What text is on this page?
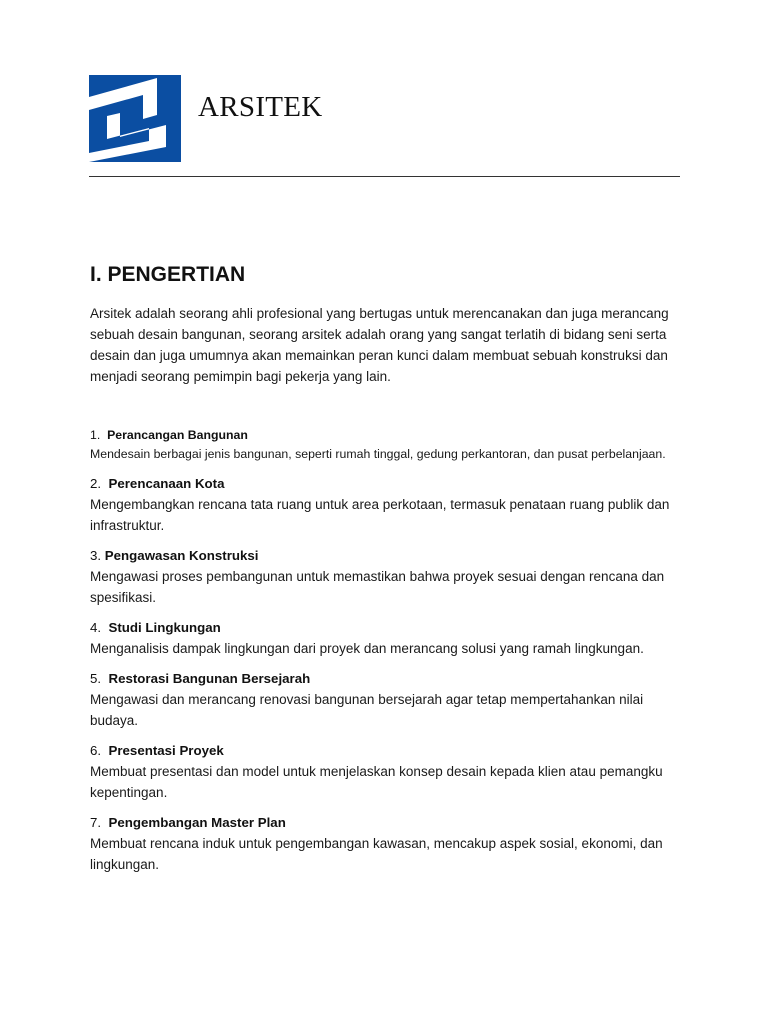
ARSITEK
I. PENGERTIAN

Arsitek adalah seorang ahli profesional yang bertugas untuk merencanakan dan juga merancang sebuah desain bangunan, seorang arsitek adalah orang yang sangat terlatih di bidang seni serta desain dan juga umumnya akan memainkan peran kunci dalam membuat sebuah konstruksi dan menjadi seorang pemimpin bagi pekerja yang lain.

1. Perancangan Bangunan
Mendesain berbagai jenis bangunan, seperti rumah tinggal, gedung perkantoran, dan pusat perbelanjaan.
2. Perencanaan Kota
Mengembangkan rencana tata ruang untuk area perkotaan, termasuk penataan ruang publik dan infrastruktur.
3. Pengawasan Konstruksi
Mengawasi proses pembangunan untuk memastikan bahwa proyek sesuai dengan rencana dan spesifikasi.
4. Studi Lingkungan
Menganalisis dampak lingkungan dari proyek dan merancang solusi yang ramah lingkungan.
5. Restorasi Bangunan Bersejarah
Mengawasi dan merancang renovasi bangunan bersejarah agar tetap mempertahankan nilai budaya.
6. Presentasi Proyek
Membuat presentasi dan model untuk menjelaskan konsep desain kepada klien atau pemangku kepentingan.
7. Pengembangan Master Plan
Membuat rencana induk untuk pengembangan kawasan, mencakup aspek sosial, ekonomi, dan lingkungan.
